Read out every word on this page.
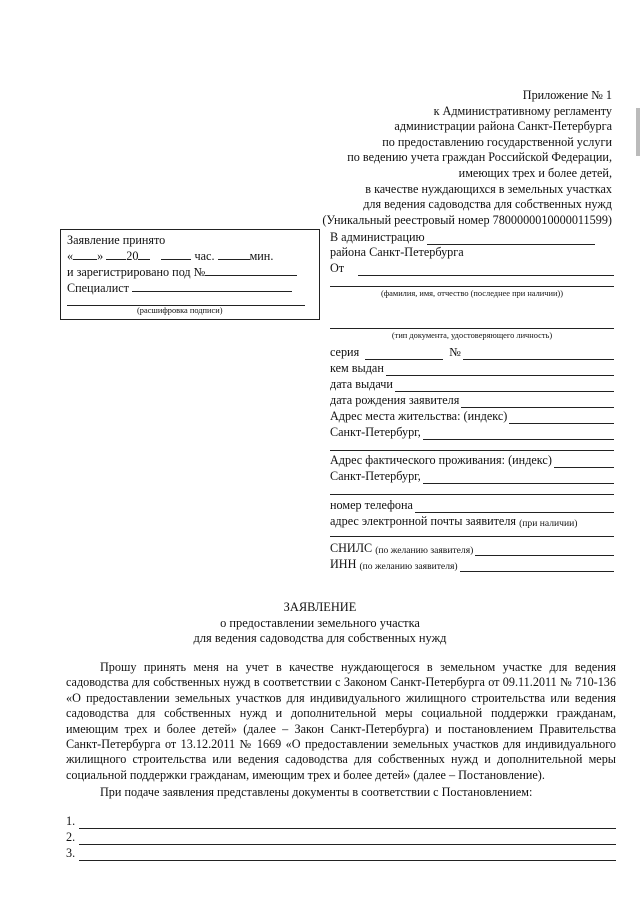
Приложение № 1
к Административному регламенту
администрации района Санкт-Петербурга
по предоставлению государственной услуги
по ведению учета граждан Российской Федерации,
имеющих трех и более детей,
в качестве нуждающихся в земельных участках
для ведения садоводства для собственных нужд
(Уникальный реестровый номер 7800000010000011599)
Заявление принято
« » 20	час.	мин.
и зарегистрировано под №
Специалист
(расшифровка подписи)
В администрацию
района Санкт-Петербурга
От
(фамилия, имя, отчество (последнее при наличии))
(тип документа, удостоверяющего личность)
серия	№
кем выдан
дата выдачи
дата рождения заявителя
Адрес места жительства: (индекс)
Санкт-Петербург,
Адрес фактического проживания: (индекс)
Санкт-Петербург,
номер телефона
адрес электронной почты заявителя
(при наличии)
СНИЛС
(по желанию заявителя)
ИНН
(по желанию заявителя)
ЗАЯВЛЕНИЕ
о предоставлении земельного участка
для ведения садоводства для собственных нужд

Прошу принять меня на учет в качестве нуждающегося в земельном участке для ведения садоводства для собственных нужд в соответствии с Законом Санкт-Петербурга от 09.11.2011 № 710-136 «О предоставлении земельных участков для индивидуального жилищного строительства или ведения садоводства для собственных нужд и дополнительной меры социальной поддержки гражданам, имеющим трех и более детей» (далее – Закон Санкт-Петербурга) и постановлением Правительства Санкт-Петербурга от 13.12.2011 № 1669 «О предоставлении земельных участков для индивидуального жилищного строительства или ведения садоводства для собственных нужд и дополнительной меры социальной поддержки гражданам, имеющим трех и более детей» (далее – Постановление).

При подаче заявления представлены документы в соответствии с Постановлением:

1.
2.
3.
